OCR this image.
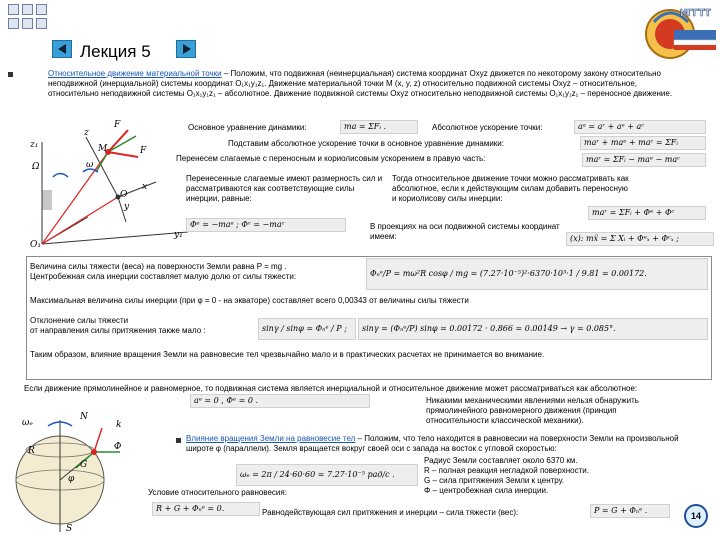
Лекция 5
ИГГТТ
Относительное движение материальной точки – Положим, что подвижная (неинерциальная) система координат Oxyz движется по некоторому закону относительно неподвижной (инерциальной) системы координат O₁x₁y₁z₁. Движение материальной точки M (x, y, z) относительно подвижной системы Oxyz – относительное, относительно неподвижной системы O₁x₁y₁z₁ – абсолютное. Движение подвижной системы Oxyz относительно неподвижной системы O₁x₁y₁z₁ – переносное движение.
z₁
z
M
F
F
Ω	ω
x
y
y₁
O₁
O
Основное уравнение динамики:	ma = ΣFᵢ .	Абсолютное ускорение точки:	aᵃ = aʳ + aᵉ + aᶜ
Подставим абсолютное ускорение точки в основное уравнение динамики:	maʳ + maᵉ + maᶜ = ΣFᵢ
Перенесем слагаемые с переносным и кориолисовым ускорением в правую часть:	maʳ = ΣFᵢ − maᵉ − maᶜ
Перенесенные слагаемые имеют размерность сил и рассматриваются как соответствующие силы инерции, равные:
Φᵉ = −maᵉ ; Φᶜ = −maᶜ
Тогда относительное движение точки можно рассматривать как абсолютное, если к действующим силам добавить переносную и кориолисову силы инерции:
maʳ = ΣFᵢ + Φᵉ + Φᶜ
В проекциях на оси подвижной системы координат имеем:	(x): mẍ = Σ Xᵢ + Φᵉₓ + Φᶜₓ ;
Величина силы тяжести (веса) на поверхности Земли равна P = mg .
Центробежная сила инерции составляет малую долю от силы тяжести:	Φₙᵉ/P = mω²R cosφ / mg = (7.27·10⁻⁵)²·6370·10³·1 / 9.81 = 0.00172.
Максимальная величина силы инерции (при φ = 0 - на экваторе) составляет всего 0,00343 от величины силы тяжести
Отклонение силы тяжести
от направления силы притяжения также мало :	sinγ / sinφ = Φₙᵉ / P ;	sinγ = (Φₙᵉ/P) sinφ = 0.00172 · 0.866 = 0.00149 → γ = 0.085°.
Таким образом, влияние вращения Земли на равновесие тел чрезвычайно мало и в практических расчетах не принимается во внимание.
Если движение прямолинейное и равномерное, то подвижная система является инерциальной и относительное движение может рассматриваться как абсолютное:
aᵉ = 0 , Φᵉ = 0 .	Никакими механическими явлениями нельзя обнаружить прямолинейного равномерного движения (принцип относительности классической механики).
ωₑ
N
k
R
φ
G
Φ
S
Влияние вращения Земли на равновесие тел – Положим, что тело находится в равновесии на поверхности Земли на произвольной широте φ (параллели). Земля вращается вокруг своей оси с запада на восток с угловой скоростью:
ωₑ = 2π / 24·60·60 = 7.27·10⁻⁵ рад/с .
Радиус Земли составляет около 6370 км.
R – полная реакция негладкой поверхности.
G – сила притяжения Земли к центру.
Φ – центробежная сила инерции.
Условие относительного равновесия:
R + G + Φₙᵉ = 0.	Равнодействующая сил притяжения и инерции – сила тяжести (вес):	P = G + Φₙᵉ .
14
